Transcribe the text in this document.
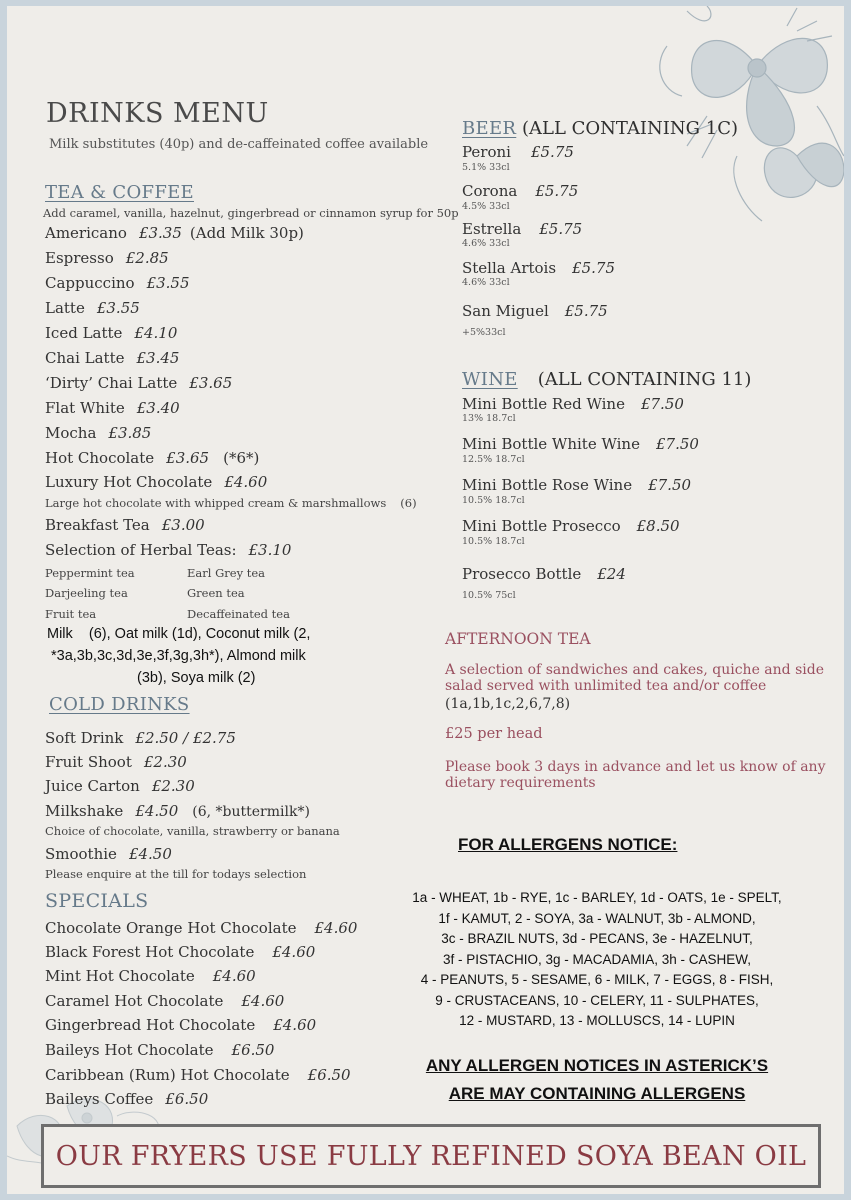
DRINKS MENU
Milk substitutes (40p) and de-caffeinated coffee available
TEA & COFFEE
Add caramel, vanilla, hazelnut, gingerbread or cinnamon syrup for 50p
Americano £3.35 (Add Milk 30p)
Espresso £2.85
Cappuccino £3.55
Latte £3.55
Iced Latte £4.10
Chai Latte £3.45
‘Dirty’ Chai Latte £3.65
Flat White £3.40
Mocha £3.85
Hot Chocolate £3.65 (*6*)
Luxury Hot Chocolate £4.60
Large hot chocolate with whipped cream & marshmallows (6)
Breakfast Tea £3.00
Selection of Herbal Teas: £3.10
Peppermint tea	Earl Grey tea
Darjeeling tea	Green tea
Fruit tea	Decaffeinated tea
Milk    (6), Oat milk (1d), Coconut milk (2,
*3a,3b,3c,3d,3e,3f,3g,3h*), Almond milk
(3b), Soya milk (2)
COLD DRINKS
Soft Drink £2.50 / £2.75
Fruit Shoot £2.30
Juice Carton £2.30
Milkshake £4.50 (6, *buttermilk*)
Choice of chocolate, vanilla, strawberry or banana
Smoothie £4.50
Please enquire at the till for todays selection
SPECIALS
Chocolate Orange Hot Chocolate £4.60
Black Forest Hot Chocolate £4.60
Mint Hot Chocolate £4.60
Caramel Hot Chocolate £4.60
Gingerbread Hot Chocolate £4.60
Baileys Hot Chocolate £6.50
Caribbean (Rum) Hot Chocolate £6.50
Baileys Coffee £6.50
BEER (ALL CONTAINING 1C)
Peroni £5.75
5.1% 33cl
Corona £5.75
4.5% 33cl
Estrella £5.75
4.6% 33cl
Stella Artois £5.75
4.6% 33cl
San Miguel £5.75
+5%33cl
WINE (ALL CONTAINING 11)
Mini Bottle Red Wine £7.50
13% 18.7cl
Mini Bottle White Wine £7.50
12.5% 18.7cl
Mini Bottle Rose Wine £7.50
10.5% 18.7cl
Mini Bottle Prosecco £8.50
10.5% 18.7cl
Prosecco Bottle £24
10.5% 75cl
AFTERNOON TEA
A selection of sandwiches and cakes, quiche and side
salad served with unlimited tea and/or coffee
(1a,1b,1c,2,6,7,8)
£25 per head
Please book 3 days in advance and let us know of any
dietary requirements
FOR ALLERGENS NOTICE:
1a - WHEAT, 1b - RYE, 1c - BARLEY, 1d - OATS, 1e - SPELT,
1f - KAMUT, 2 - SOYA, 3a - WALNUT, 3b - ALMOND,
3c - BRAZIL NUTS, 3d - PECANS, 3e - HAZELNUT,
3f - PISTACHIO, 3g - MACADAMIA, 3h - CASHEW,
4 - PEANUTS, 5 - SESAME, 6 - MILK, 7 - EGGS, 8 - FISH,
9 - CRUSTACEANS, 10 - CELERY, 11 - SULPHATES,
12 - MUSTARD, 13 - MOLLUSCS, 14 - LUPIN
ANY ALLERGEN NOTICES IN ASTERICK’S
ARE MAY CONTAINING ALLERGENS
OUR FRYERS USE FULLY REFINED SOYA BEAN OIL
